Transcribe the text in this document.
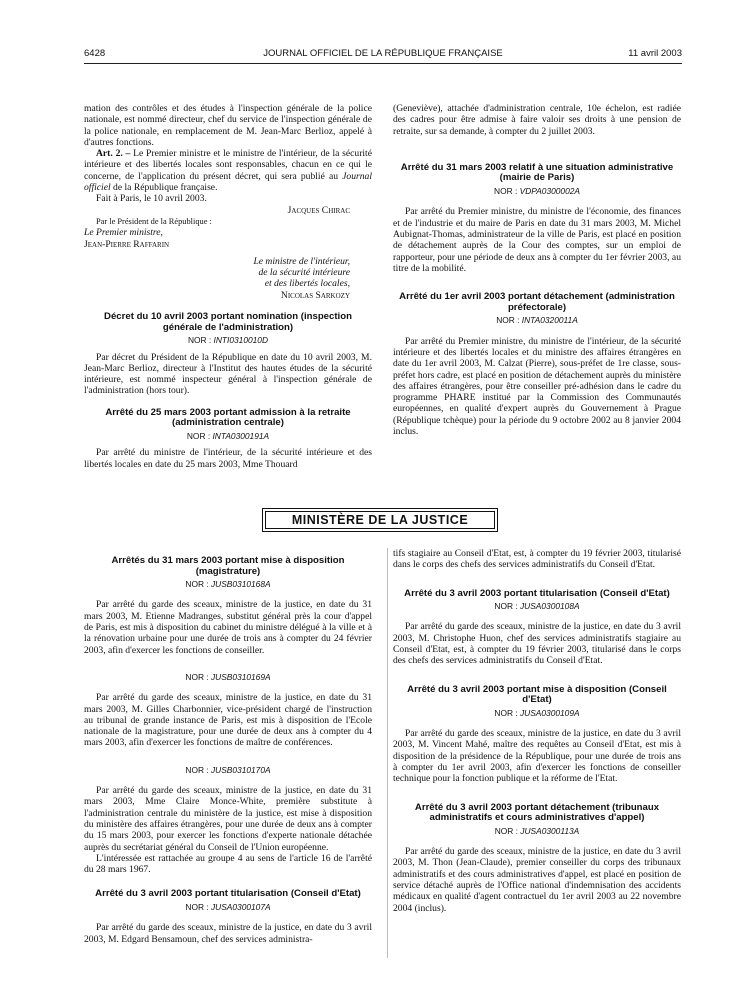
6428	JOURNAL OFFICIEL DE LA RÉPUBLIQUE FRANÇAISE	11 avril 2003

mation des contrôles et des études à l'inspection générale de la police nationale, est nommé directeur, chef du service de l'inspection générale de la police nationale, en remplacement de M. Jean-Marc Berlioz, appelé à d'autres fonctions.

Art. 2. – Le Premier ministre et le ministre de l'intérieur, de la sécurité intérieure et des libertés locales sont responsables, chacun en ce qui le concerne, de l'application du présent décret, qui sera publié au Journal officiel de la République française.

Fait à Paris, le 10 avril 2003.

Jacques Chirac

Par le Président de la République :

Le Premier ministre,

Jean-Pierre Raffarin

Le ministre de l'intérieur,

de la sécurité intérieure

et des libertés locales,

Nicolas Sarkozy

Décret du 10 avril 2003 portant nomination (inspection générale de l'administration)

NOR : INTI0310010D

Par décret du Président de la République en date du 10 avril 2003, M. Jean-Marc Berlioz, directeur à l'Institut des hautes études de la sécurité intérieure, est nommé inspecteur général à l'inspection générale de l'administration (hors tour).

Arrêté du 25 mars 2003 portant admission à la retraite (administration centrale)

NOR : INTA0300191A

Par arrêté du ministre de l'intérieur, de la sécurité intérieure et des libertés locales en date du 25 mars 2003, Mme Thouard

(Geneviève), attachée d'administration centrale, 10e échelon, est radiée des cadres pour être admise à faire valoir ses droits à une pension de retraite, sur sa demande, à compter du 2 juillet 2003.

Arrêté du 31 mars 2003 relatif à une situation administrative (mairie de Paris)

NOR : VDPA0300002A

Par arrêté du Premier ministre, du ministre de l'économie, des finances et de l'industrie et du maire de Paris en date du 31 mars 2003, M. Michel Aubignat-Thomas, administrateur de la ville de Paris, est placé en position de détachement auprès de la Cour des comptes, sur un emploi de rapporteur, pour une période de deux ans à compter du 1er février 2003, au titre de la mobilité.

Arrêté du 1er avril 2003 portant détachement (administration préfectorale)

NOR : INTA0320011A

Par arrêté du Premier ministre, du ministre de l'intérieur, de la sécurité intérieure et des libertés locales et du ministre des affaires étrangères en date du 1er avril 2003, M. Calzat (Pierre), sous-préfet de 1re classe, sous-préfet hors cadre, est placé en position de détachement auprès du ministère des affaires étrangères, pour être conseiller pré-adhésion dans le cadre du programme PHARE institué par la Commission des Communautés européennes, en qualité d'expert auprès du Gouvernement à Prague (République tchèque) pour la période du 9 octobre 2002 au 8 janvier 2004 inclus.

MINISTÈRE DE LA JUSTICE

Arrêtés du 31 mars 2003 portant mise à disposition (magistrature)

NOR : JUSB0310168A

Par arrêté du garde des sceaux, ministre de la justice, en date du 31 mars 2003, M. Etienne Madranges, substitut général près la cour d'appel de Paris, est mis à disposition du cabinet du ministre délégué à la ville et à la rénovation urbaine pour une durée de trois ans à compter du 24 février 2003, afin d'exercer les fonctions de conseiller.

NOR : JUSB0310169A

Par arrêté du garde des sceaux, ministre de la justice, en date du 31 mars 2003, M. Gilles Charbonnier, vice-président chargé de l'instruction au tribunal de grande instance de Paris, est mis à disposition de l'Ecole nationale de la magistrature, pour une durée de deux ans à compter du 4 mars 2003, afin d'exercer les fonctions de maître de conférences.

NOR : JUSB0310170A

Par arrêté du garde des sceaux, ministre de la justice, en date du 31 mars 2003, Mme Claire Monce-White, première substitute à l'administration centrale du ministère de la justice, est mise à disposition du ministère des affaires étrangères, pour une durée de deux ans à compter du 15 mars 2003, pour exercer les fonctions d'experte nationale détachée auprès du secrétariat général du Conseil de l'Union européenne.

L'intéressée est rattachée au groupe 4 au sens de l'article 16 de l'arrêté du 28 mars 1967.

Arrêté du 3 avril 2003 portant titularisation (Conseil d'Etat)

NOR : JUSA0300107A

Par arrêté du garde des sceaux, ministre de la justice, en date du 3 avril 2003, M. Edgard Bensamoun, chef des services administra-

tifs stagiaire au Conseil d'Etat, est, à compter du 19 février 2003, titularisé dans le corps des chefs des services administratifs du Conseil d'Etat.

Arrêté du 3 avril 2003 portant titularisation (Conseil d'Etat)

NOR : JUSA0300108A

Par arrêté du garde des sceaux, ministre de la justice, en date du 3 avril 2003, M. Christophe Huon, chef des services administratifs stagiaire au Conseil d'Etat, est, à compter du 19 février 2003, titularisé dans le corps des chefs des services administratifs du Conseil d'Etat.

Arrêté du 3 avril 2003 portant mise à disposition (Conseil d'Etat)

NOR : JUSA0300109A

Par arrêté du garde des sceaux, ministre de la justice, en date du 3 avril 2003, M. Vincent Mahé, maître des requêtes au Conseil d'Etat, est mis à disposition de la présidence de la République, pour une durée de trois ans à compter du 1er avril 2003, afin d'exercer les fonctions de conseiller technique pour la fonction publique et la réforme de l'Etat.

Arrêté du 3 avril 2003 portant détachement (tribunaux administratifs et cours administratives d'appel)

NOR : JUSA0300113A

Par arrêté du garde des sceaux, ministre de la justice, en date du 3 avril 2003, M. Thon (Jean-Claude), premier conseiller du corps des tribunaux administratifs et des cours administratives d'appel, est placé en position de service détaché auprès de l'Office national d'indemnisation des accidents médicaux en qualité d'agent contractuel du 1er avril 2003 au 22 novembre 2004 (inclus).
